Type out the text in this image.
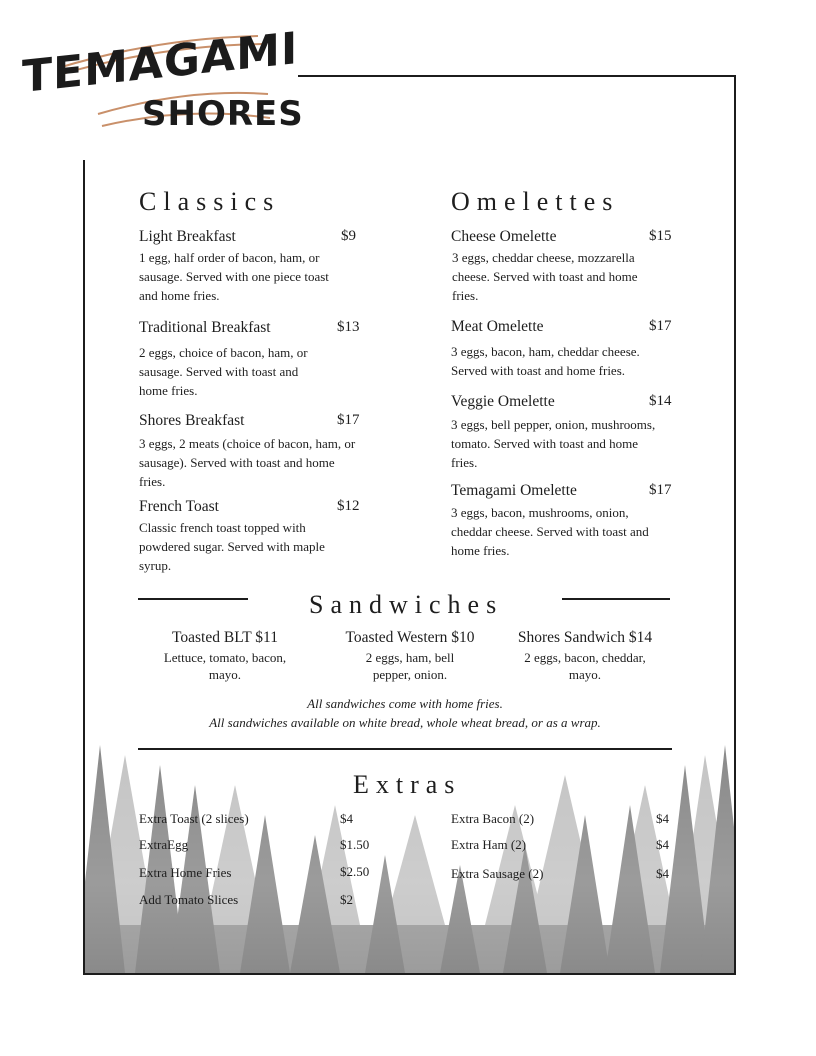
TEMAGAMI
SHORES
Classics
Light Breakfast	$9
1 egg, half order of bacon, ham, or sausage. Served with one piece toast and home fries.
Traditional Breakfast	$13
2 eggs, choice of bacon, ham, or sausage. Served with toast and home fries.
Shores Breakfast	$17
3 eggs, 2 meats (choice of bacon, ham, or sausage). Served with toast and home fries.
French Toast	$12
Classic french toast topped with powdered sugar. Served with maple syrup.
Omelettes
Cheese Omelette	$15
3 eggs, cheddar cheese, mozzarella cheese. Served with toast and home fries.
Meat Omelette	$17
3 eggs, bacon, ham, cheddar cheese. Served with toast and home fries.
Veggie Omelette	$14
3 eggs, bell pepper, onion, mushrooms, tomato. Served with toast and home fries.
Temagami Omelette	$17
3 eggs, bacon, mushrooms, onion, cheddar cheese. Served with toast and home fries.
Sandwiches
Toasted BLT $11
Lettuce, tomato, bacon, mayo.
Toasted Western $10
2 eggs, ham, bell pepper, onion.
Shores Sandwich $14
2 eggs, bacon, cheddar, mayo.
All sandwiches come with home fries.
All sandwiches available on white bread, whole wheat bread, or as a wrap.
Extras
Extra Toast (2 slices)	$4
ExtraEgg	$1.50
Extra Home Fries	$2.50
Add Tomato Slices	$2
Extra Bacon (2)	$4
Extra Ham (2)	$4
Extra Sausage (2)	$4
